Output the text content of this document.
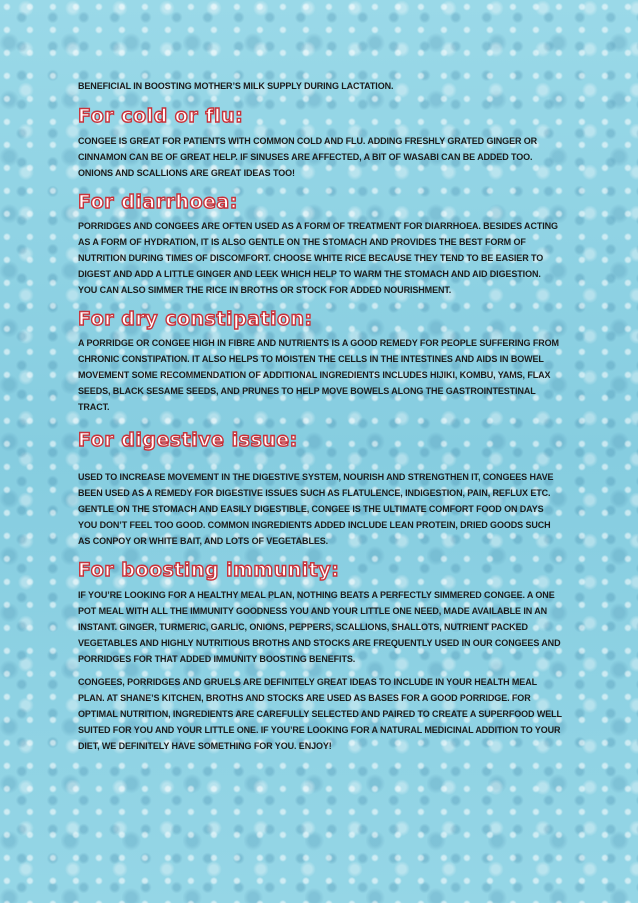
BENEFICIAL IN BOOSTING MOTHER’S MILK SUPPLY DURING LACTATION.

For cold or flu:

CONGEE IS GREAT FOR PATIENTS WITH COMMON COLD AND FLU. ADDING FRESHLY GRATED GINGER OR CINNAMON CAN BE OF GREAT HELP. IF SINUSES ARE AFFECTED, A BIT OF WASABI CAN BE ADDED TOO. ONIONS AND SCALLIONS ARE GREAT IDEAS TOO!

For diarrhoea:

PORRIDGES AND CONGEES ARE OFTEN USED AS A FORM OF TREATMENT FOR DIARRHOEA. BESIDES ACTING AS A FORM OF HYDRATION, IT IS ALSO GENTLE ON THE STOMACH AND PROVIDES THE BEST FORM OF NUTRITION DURING TIMES OF DISCOMFORT. CHOOSE WHITE RICE BECAUSE THEY TEND TO BE EASIER TO DIGEST AND ADD A LITTLE GINGER AND LEEK WHICH HELP TO WARM THE STOMACH AND AID DIGESTION. YOU CAN ALSO SIMMER THE RICE IN BROTHS OR STOCK FOR ADDED NOURISHMENT.

For dry constipation:

A PORRIDGE OR CONGEE HIGH IN FIBRE AND NUTRIENTS IS A GOOD REMEDY FOR PEOPLE SUFFERING FROM CHRONIC CONSTIPATION. IT ALSO HELPS TO MOISTEN THE CELLS IN THE INTESTINES AND AIDS IN BOWEL MOVEMENT SOME RECOMMENDATION OF ADDITIONAL INGREDIENTS INCLUDES HIJIKI, KOMBU, YAMS, FLAX SEEDS, BLACK SESAME SEEDS, AND PRUNES TO HELP MOVE BOWELS ALONG THE GASTROINTESTINAL TRACT.

For digestive issue:

USED TO INCREASE MOVEMENT IN THE DIGESTIVE SYSTEM, NOURISH AND STRENGTHEN IT, CONGEES HAVE BEEN USED AS A REMEDY FOR DIGESTIVE ISSUES SUCH AS FLATULENCE, INDIGESTION, PAIN, REFLUX ETC. GENTLE ON THE STOMACH AND EASILY DIGESTIBLE, CONGEE IS THE ULTIMATE COMFORT FOOD ON DAYS YOU DON’T FEEL TOO GOOD. COMMON INGREDIENTS ADDED INCLUDE LEAN PROTEIN, DRIED GOODS SUCH AS CONPOY OR WHITE BAIT, AND LOTS OF VEGETABLES.

For boosting immunity:

IF YOU’RE LOOKING FOR A HEALTHY MEAL PLAN, NOTHING BEATS A PERFECTLY SIMMERED CONGEE. A ONE POT MEAL WITH ALL THE IMMUNITY GOODNESS YOU AND YOUR LITTLE ONE NEED, MADE AVAILABLE IN AN INSTANT. GINGER, TURMERIC, GARLIC, ONIONS, PEPPERS, SCALLIONS, SHALLOTS, NUTRIENT PACKED VEGETABLES AND HIGHLY NUTRITIOUS BROTHS AND STOCKS ARE FREQUENTLY USED IN OUR CONGEES AND PORRIDGES FOR THAT ADDED IMMUNITY BOOSTING BENEFITS.

CONGEES, PORRIDGES AND GRUELS ARE DEFINITELY GREAT IDEAS TO INCLUDE IN YOUR HEALTH MEAL PLAN. AT SHANE’S KITCHEN, BROTHS AND STOCKS ARE USED AS BASES FOR A GOOD PORRIDGE. FOR OPTIMAL NUTRITION, INGREDIENTS ARE CAREFULLY SELECTED AND PAIRED TO CREATE A SUPERFOOD WELL SUITED FOR YOU AND YOUR LITTLE ONE. IF YOU’RE LOOKING FOR A NATURAL MEDICINAL ADDITION TO YOUR DIET, WE DEFINITELY HAVE SOMETHING FOR YOU. ENJOY!
